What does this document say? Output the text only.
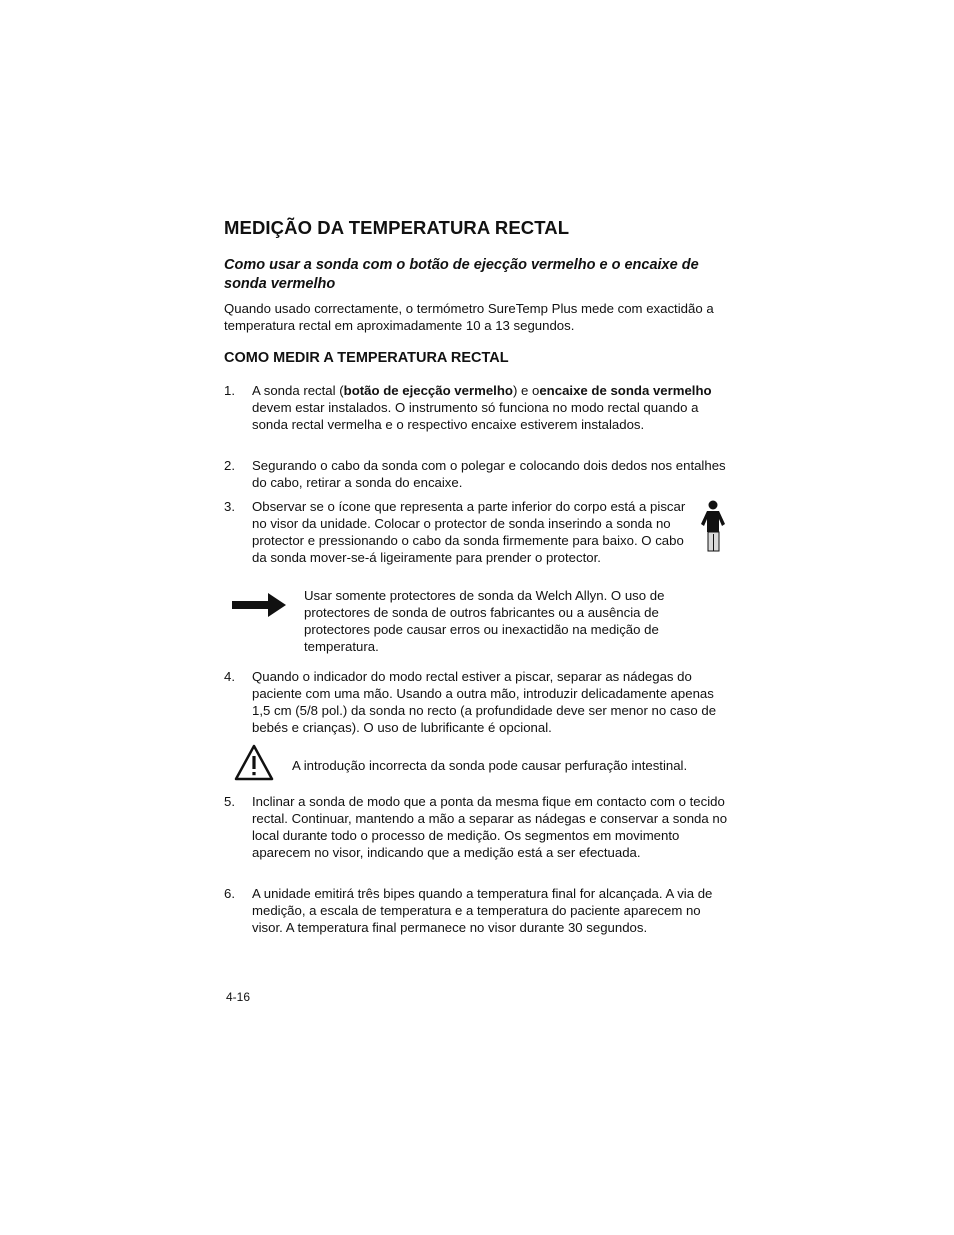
MEDIÇÃO DA TEMPERATURA RECTAL

Como usar a sonda com o botão de ejecção vermelho e o encaixe de sonda vermelho

Quando usado correctamente, o termómetro SureTemp Plus mede com exactidão a temperatura rectal em aproximadamente 10 a 13 segundos.

COMO MEDIR A TEMPERATURA RECTAL
1. A sonda rectal (botão de ejecção vermelho) e oencaixe de sonda vermelho devem estar instalados. O instrumento só funciona no modo rectal quando a sonda rectal vermelha e o respectivo encaixe estiverem instalados.
2. Segurando o cabo da sonda com o polegar e colocando dois dedos nos entalhes do cabo, retirar a sonda do encaixe.
3. Observar se o ícone que representa a parte inferior do corpo está a piscar no visor da unidade. Colocar o protector de sonda inserindo a sonda no protector e pressionando o cabo da sonda firmemente para baixo. O cabo da sonda mover-se-á ligeiramente para prender o protector.
Usar somente protectores de sonda da Welch Allyn. O uso de protectores de sonda de outros fabricantes ou a ausência de protectores pode causar erros ou inexactidão na medição de temperatura.
4. Quando o indicador do modo rectal estiver a piscar, separar as nádegas do paciente com uma mão. Usando a outra mão, introduzir delicadamente apenas 1,5 cm (5/8 pol.) da sonda no recto (a profundidade deve ser menor no caso de bebés e crianças). O uso de lubrificante é opcional.
A introdução incorrecta da sonda pode causar perfuração intestinal.
5. Inclinar a sonda de modo que a ponta da mesma fique em contacto com o tecido rectal. Continuar, mantendo a mão a separar as nádegas e conservar a sonda no local durante todo o processo de medição. Os segmentos em movimento aparecem no visor, indicando que a medição está a ser efectuada.
6. A unidade emitirá três bipes quando a temperatura final for alcançada. A via de medição, a escala de temperatura e a temperatura do paciente aparecem no visor. A temperatura final permanece no visor durante 30 segundos.
4-16
